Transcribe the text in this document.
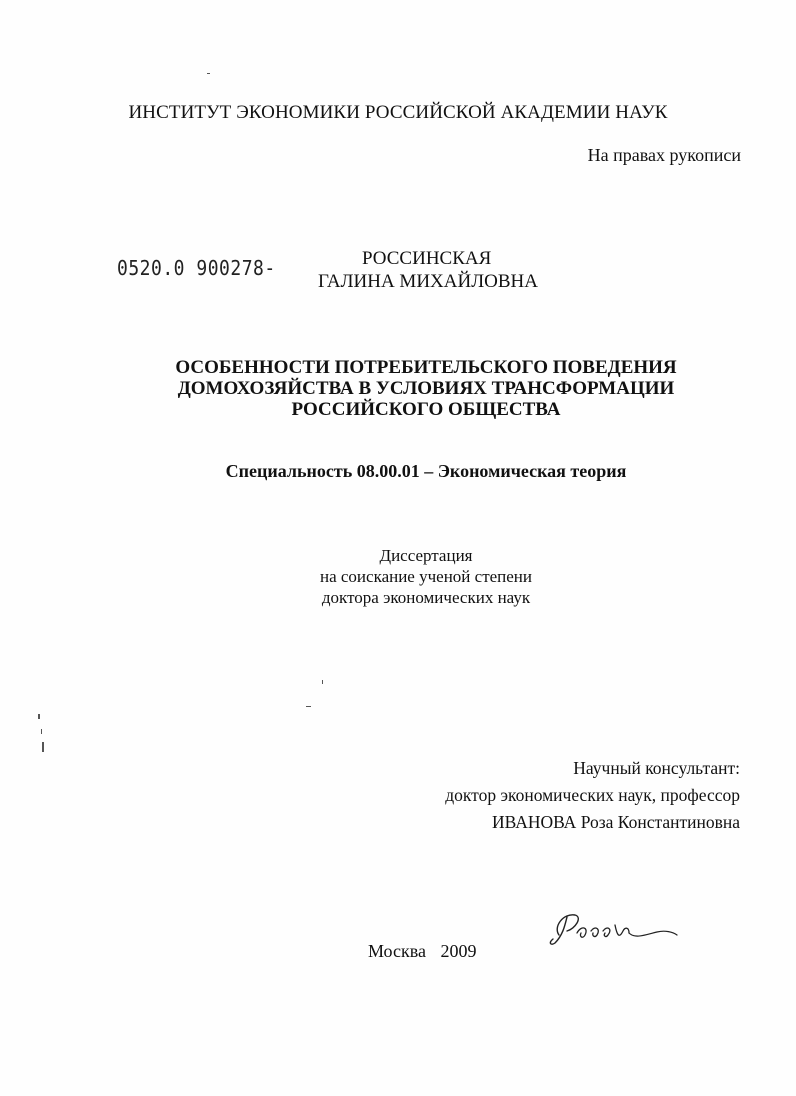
ИНСТИТУТ ЭКОНОМИКИ РОССИЙСКОЙ АКАДЕМИИ НАУК
На правах рукописи
0520.0 900278-	РОССИНСКАЯ
ГАЛИНА МИХАЙЛОВНА
ОСОБЕННОСТИ ПОТРЕБИТЕЛЬСКОГО ПОВЕДЕНИЯ
ДОМОХОЗЯЙСТВА В УСЛОВИЯХ ТРАНСФОРМАЦИИ
РОССИЙСКОГО ОБЩЕСТВА
Специальность 08.00.01 – Экономическая теория
Диссертация
на соискание ученой степени
доктора экономических наук
Научный консультант:
доктор экономических наук, профессор
ИВАНОВА Роза Константиновна
Москва 2009
